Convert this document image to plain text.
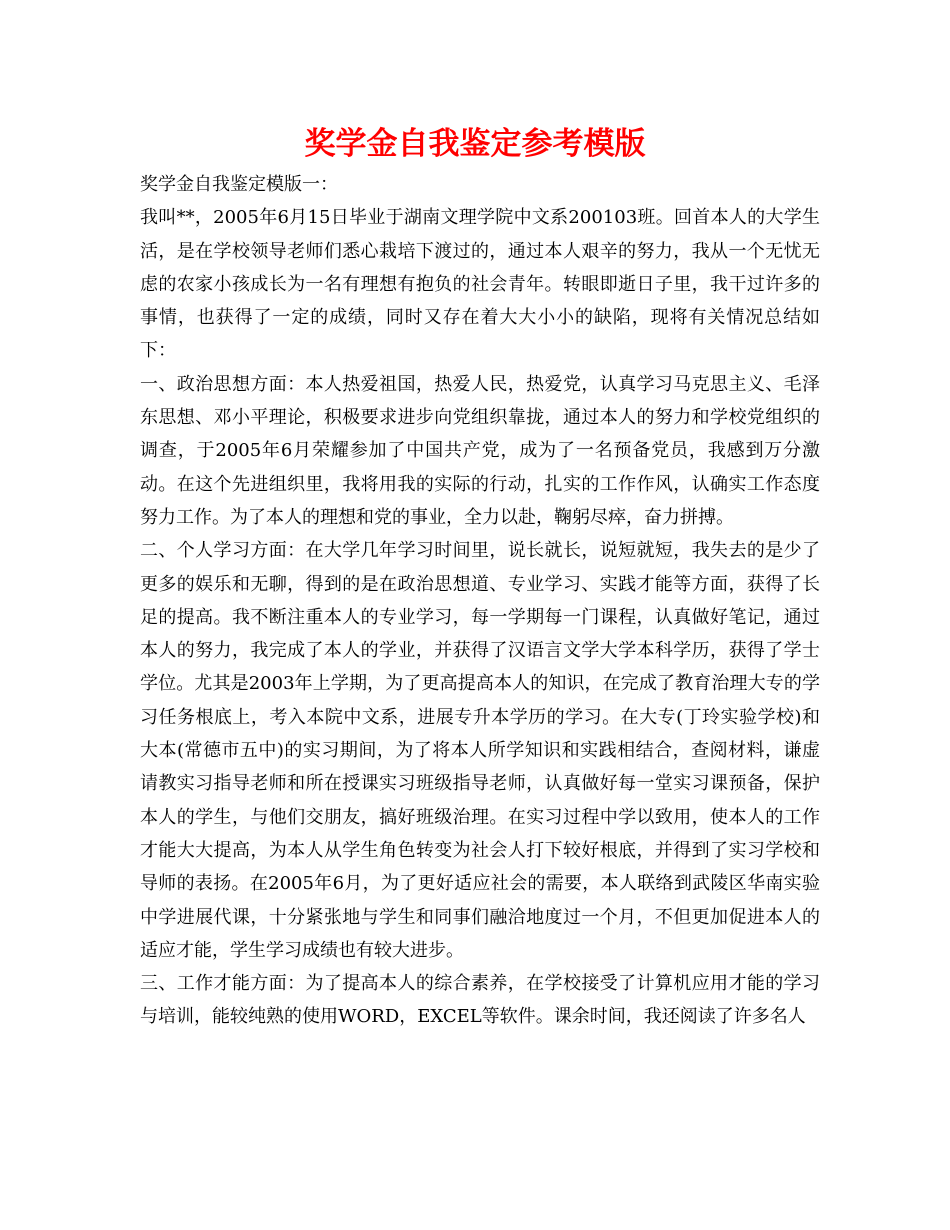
奖学金自我鉴定参考模版

奖学金自我鉴定模版一：

我叫**，2005年6月15日毕业于湖南文理学院中文系200103班。回首本人的大学生活，是在学校领导老师们悉心栽培下渡过的，通过本人艰辛的努力，我从一个无忧无虑的农家小孩成长为一名有理想有抱负的社会青年。转眼即逝日子里，我干过许多的事情，也获得了一定的成绩，同时又存在着大大小小的缺陷，现将有关情况总结如下：

一、政治思想方面：本人热爱祖国，热爱人民，热爱党，认真学习马克思主义、毛泽东思想、邓小平理论，积极要求进步向党组织靠拢，通过本人的努力和学校党组织的调查，于2005年6月荣耀参加了中国共产党，成为了一名预备党员，我感到万分激动。在这个先进组织里，我将用我的实际的行动，扎实的工作作风，认确实工作态度努力工作。为了本人的理想和党的事业，全力以赴，鞠躬尽瘁，奋力拼搏。

二、个人学习方面：在大学几年学习时间里，说长就长，说短就短，我失去的是少了更多的娱乐和无聊，得到的是在政治思想道、专业学习、实践才能等方面，获得了长足的提高。我不断注重本人的专业学习，每一学期每一门课程，认真做好笔记，通过本人的努力，我完成了本人的学业，并获得了汉语言文学大学本科学历，获得了学士学位。尤其是2003年上学期，为了更高提高本人的知识，在完成了教育治理大专的学习任务根底上，考入本院中文系，进展专升本学历的学习。在大专(丁玲实验学校)和大本(常德市五中)的实习期间，为了将本人所学知识和实践相结合，查阅材料，谦虚请教实习指导老师和所在授课实习班级指导老师，认真做好每一堂实习课预备，保护本人的学生，与他们交朋友，搞好班级治理。在实习过程中学以致用，使本人的工作才能大大提高，为本人从学生角色转变为社会人打下较好根底，并得到了实习学校和导师的表扬。在2005年6月，为了更好适应社会的需要，本人联络到武陵区华南实验中学进展代课，十分紧张地与学生和同事们融洽地度过一个月，不但更加促进本人的适应才能，学生学习成绩也有较大进步。

三、工作才能方面：为了提高本人的综合素养，在学校接受了计算机应用才能的学习与培训，能较纯熟的使用WORD，EXCEL等软件。课余时间，我还阅读了许多名人
